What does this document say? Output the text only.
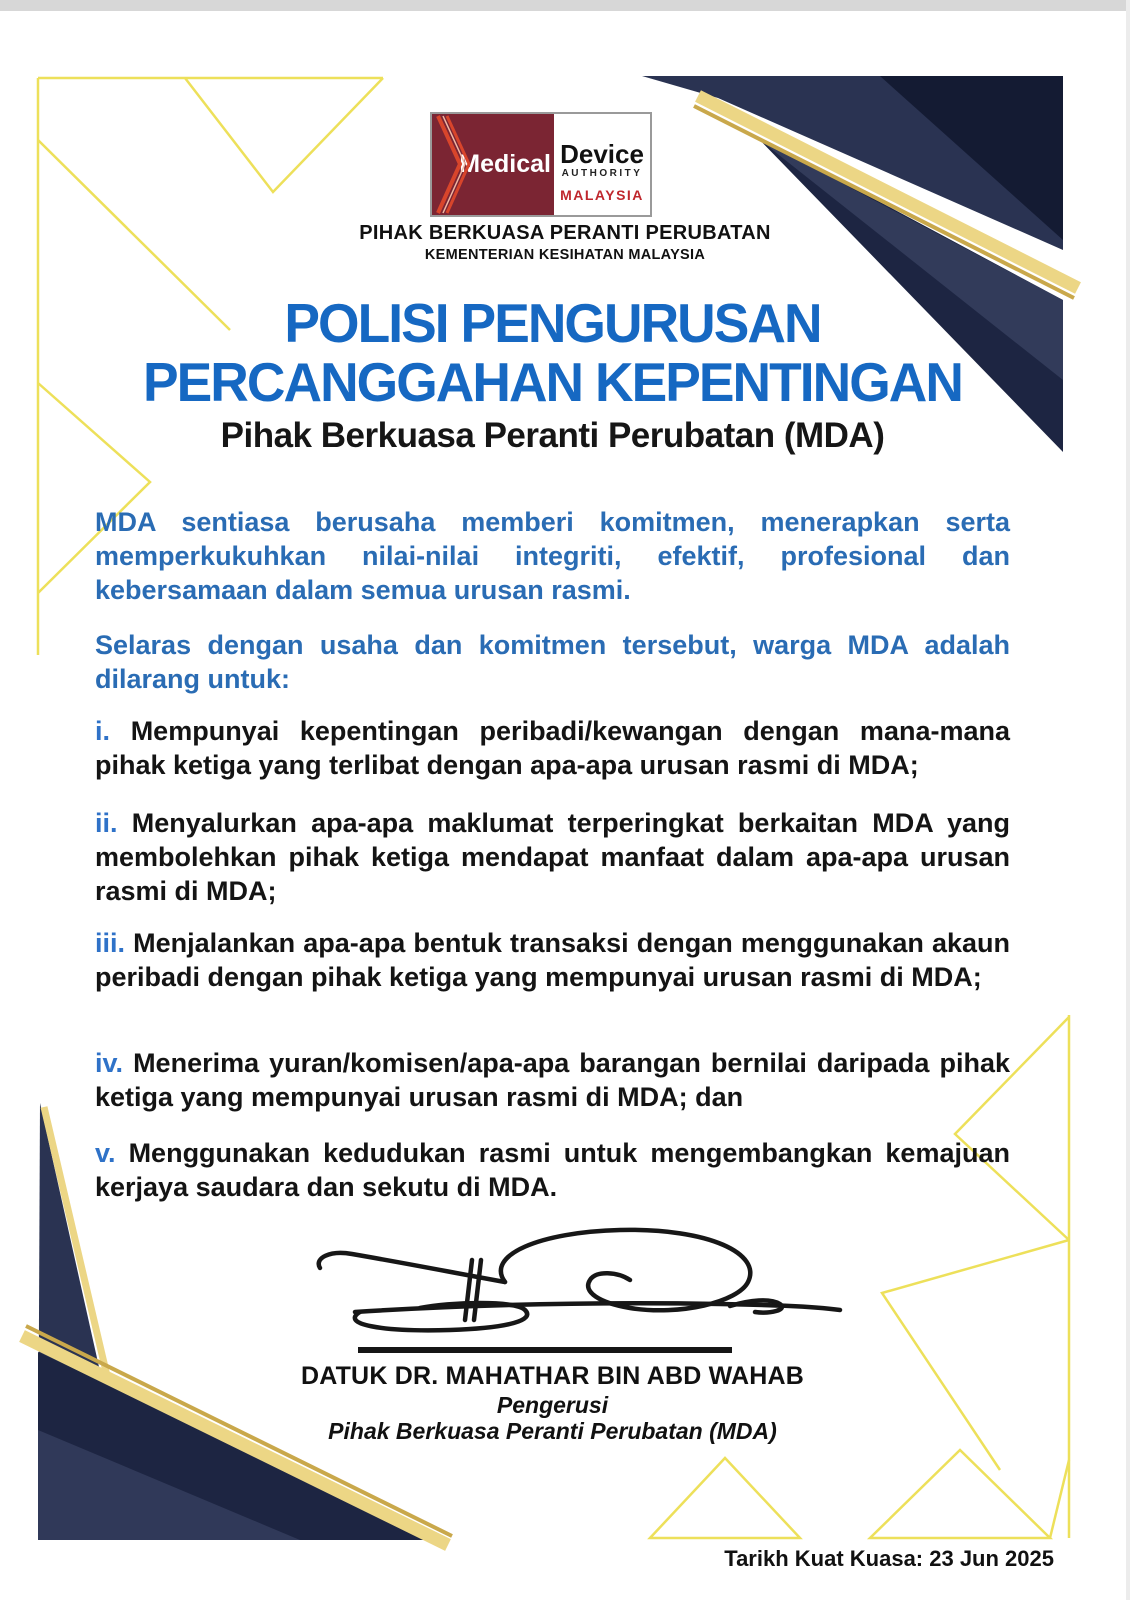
Medical Device
AUTHORITY
MALAYSIA
PIHAK BERKUASA PERANTI PERUBATAN
KEMENTERIAN KESIHATAN MALAYSIA
POLISI PENGURUSAN
PERCANGGAHAN KEPENTINGAN
Pihak Berkuasa Peranti Perubatan (MDA)
MDA sentiasa berusaha memberi komitmen, menerapkan serta memperkukuhkan nilai-nilai integriti, efektif, profesional dan kebersamaan dalam semua urusan rasmi.
Selaras dengan usaha dan komitmen tersebut, warga MDA adalah dilarang untuk:
i. Mempunyai kepentingan peribadi/kewangan dengan mana-mana pihak ketiga yang terlibat dengan apa-apa urusan rasmi di MDA;
ii. Menyalurkan apa-apa maklumat terperingkat berkaitan MDA yang membolehkan pihak ketiga mendapat manfaat dalam apa-apa urusan rasmi di MDA;
iii. Menjalankan apa-apa bentuk transaksi dengan menggunakan akaun peribadi dengan pihak ketiga yang mempunyai urusan rasmi di MDA;
iv. Menerima yuran/komisen/apa-apa barangan bernilai daripada pihak ketiga yang mempunyai urusan rasmi di MDA; dan
v. Menggunakan kedudukan rasmi untuk mengembangkan kemajuan kerjaya saudara dan sekutu di MDA.
DATUK DR. MAHATHAR BIN ABD WAHAB
Pengerusi
Pihak Berkuasa Peranti Perubatan (MDA)
Tarikh Kuat Kuasa: 23 Jun 2025
